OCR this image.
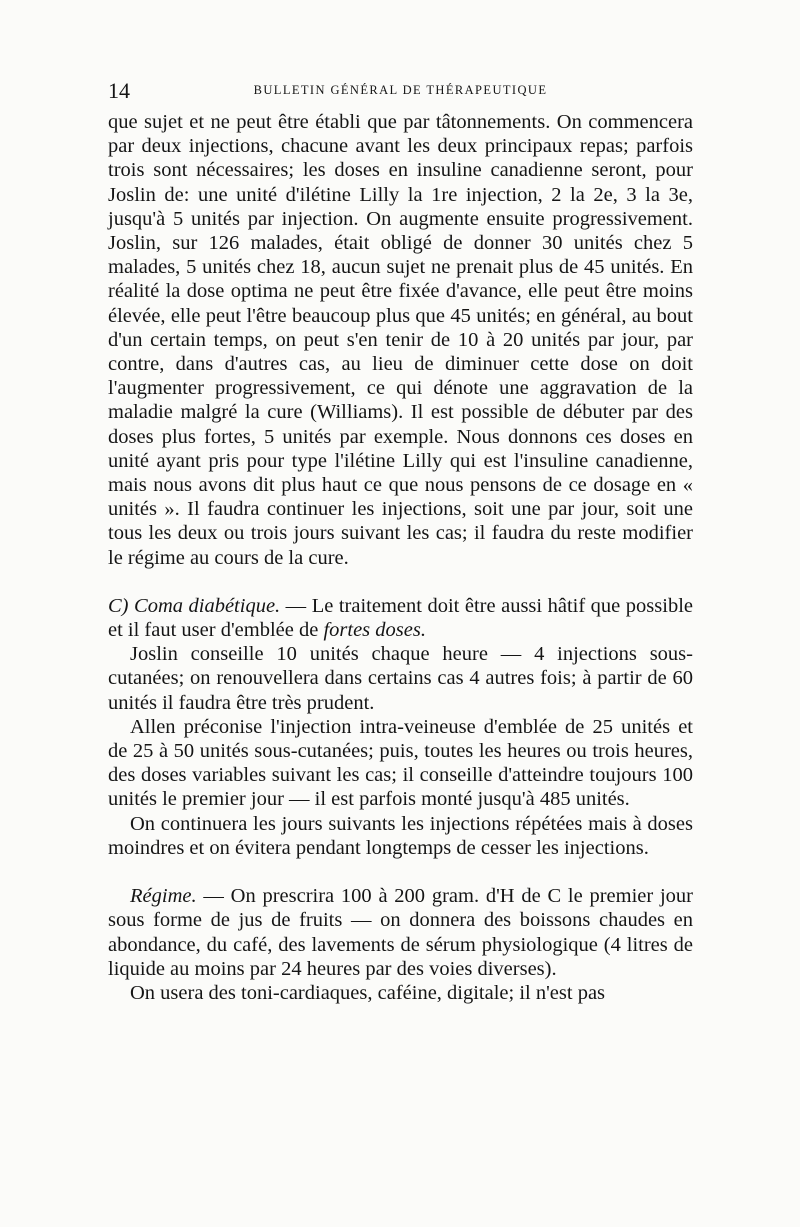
14	BULLETIN GÉNÉRAL DE THÉRAPEUTIQUE

que sujet et ne peut être établi que par tâtonnements. On commencera par deux injections, chacune avant les deux principaux repas; parfois trois sont nécessaires; les doses en insuline canadienne seront, pour Joslin de: une unité d'ilétine Lilly la 1re injection, 2 la 2e, 3 la 3e, jusqu'à 5 unités par injection. On augmente ensuite progressivement. Joslin, sur 126 malades, était obligé de donner 30 unités chez 5 malades, 5 unités chez 18, aucun sujet ne prenait plus de 45 unités. En réalité la dose optima ne peut être fixée d'avance, elle peut être moins élevée, elle peut l'être beaucoup plus que 45 unités; en général, au bout d'un certain temps, on peut s'en tenir de 10 à 20 unités par jour, par contre, dans d'autres cas, au lieu de diminuer cette dose on doit l'augmenter progressivement, ce qui dénote une aggravation de la maladie malgré la cure (Williams). Il est possible de débuter par des doses plus fortes, 5 unités par exemple. Nous donnons ces doses en unité ayant pris pour type l'ilétine Lilly qui est l'insuline canadienne, mais nous avons dit plus haut ce que nous pensons de ce dosage en « unités ». Il faudra continuer les injections, soit une par jour, soit une tous les deux ou trois jours suivant les cas; il faudra du reste modifier le régime au cours de la cure.

C) Coma diabétique. — Le traitement doit être aussi hâtif que possible et il faut user d'emblée de fortes doses.

Joslin conseille 10 unités chaque heure — 4 injections sous-cutanées; on renouvellera dans certains cas 4 autres fois; à partir de 60 unités il faudra être très prudent.

Allen préconise l'injection intra-veineuse d'emblée de 25 unités et de 25 à 50 unités sous-cutanées; puis, toutes les heures ou trois heures, des doses variables suivant les cas; il conseille d'atteindre toujours 100 unités le premier jour — il est parfois monté jusqu'à 485 unités.

On continuera les jours suivants les injections répétées mais à doses moindres et on évitera pendant longtemps de cesser les injections.

Régime. — On prescrira 100 à 200 gram. d'H de C le premier jour sous forme de jus de fruits — on donnera des boissons chaudes en abondance, du café, des lavements de sérum physiologique (4 litres de liquide au moins par 24 heures par des voies diverses).

On usera des toni-cardiaques, caféine, digitale; il n'est pas
